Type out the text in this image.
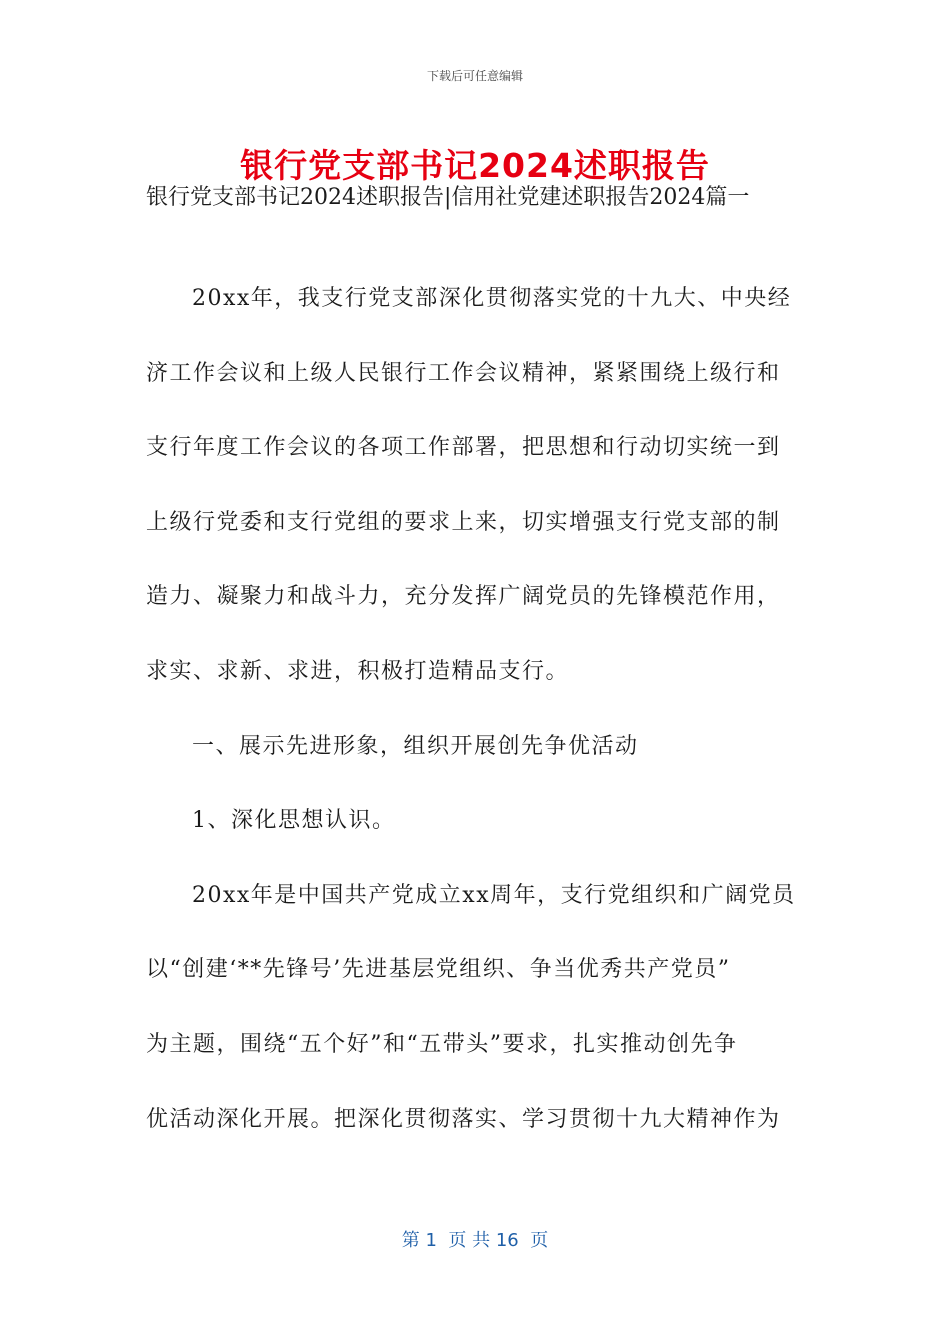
下载后可任意编辑
银行党支部书记2024述职报告
银行党支部书记2024述职报告|信用社党建述职报告2024篇一
20xx年，我支行党支部深化贯彻落实党的十九大、中央经
济工作会议和上级人民银行工作会议精神，紧紧围绕上级行和
支行年度工作会议的各项工作部署，把思想和行动切实统一到
上级行党委和支行党组的要求上来，切实增强支行党支部的制
造力、凝聚力和战斗力，充分发挥广阔党员的先锋模范作用，
求实、求新、求进，积极打造精品支行。
一、展示先进形象，组织开展创先争优活动
1、深化思想认识。
20xx年是中国共产党成立xx周年，支行党组织和广阔党员
以“创建‘**先锋号’先进基层党组织、争当优秀共产党员”
为主题，围绕“五个好”和“五带头”要求，扎实推动创先争
优活动深化开展。把深化贯彻落实、学习贯彻十九大精神作为
第 1  页 共 16  页
